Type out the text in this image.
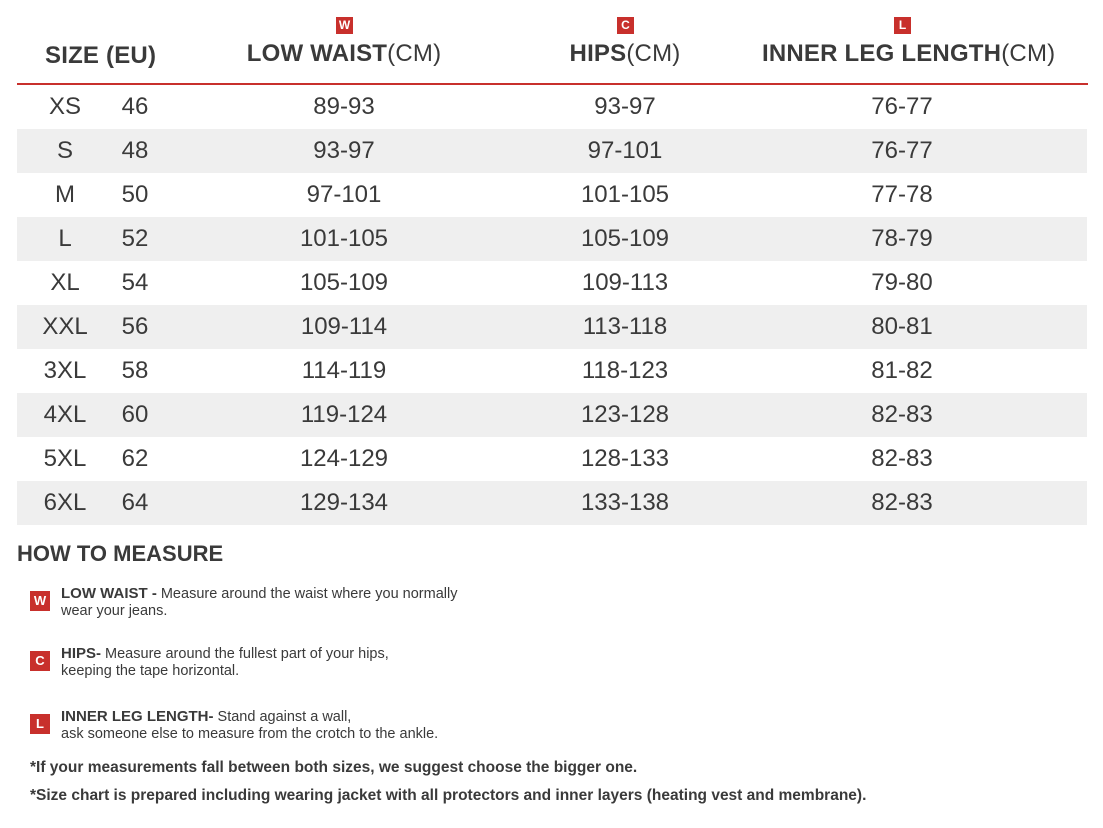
SIZE (EU)
W
LOW WAIST(CM)
C
HIPS(CM)
L
INNER LEG LENGTH(CM)
XS	46	89-93	93-97	76-77
S	48	93-97	97-101	76-77
M	50	97-101	101-105	77-78
L	52	101-105	105-109	78-79
XL	54	105-109	109-113	79-80
XXL	56	109-114	113-118	80-81
3XL	58	114-119	118-123	81-82
4XL	60	119-124	123-128	82-83
5XL	62	124-129	128-133	82-83
6XL	64	129-134	133-138	82-83
HOW TO MEASURE
W LOW WAIST - Measure around the waist where you normally
wear your jeans.
C	HIPS- Measure around the fullest part of your hips,
keeping the tape horizontal.
L	INNER LEG LENGTH- Stand against a wall,
ask someone else to measure from the crotch to the ankle.
*If your measurements fall between both sizes, we suggest choose the bigger one.
*Size chart is prepared including wearing jacket with all protectors and inner layers (heating vest and membrane).
